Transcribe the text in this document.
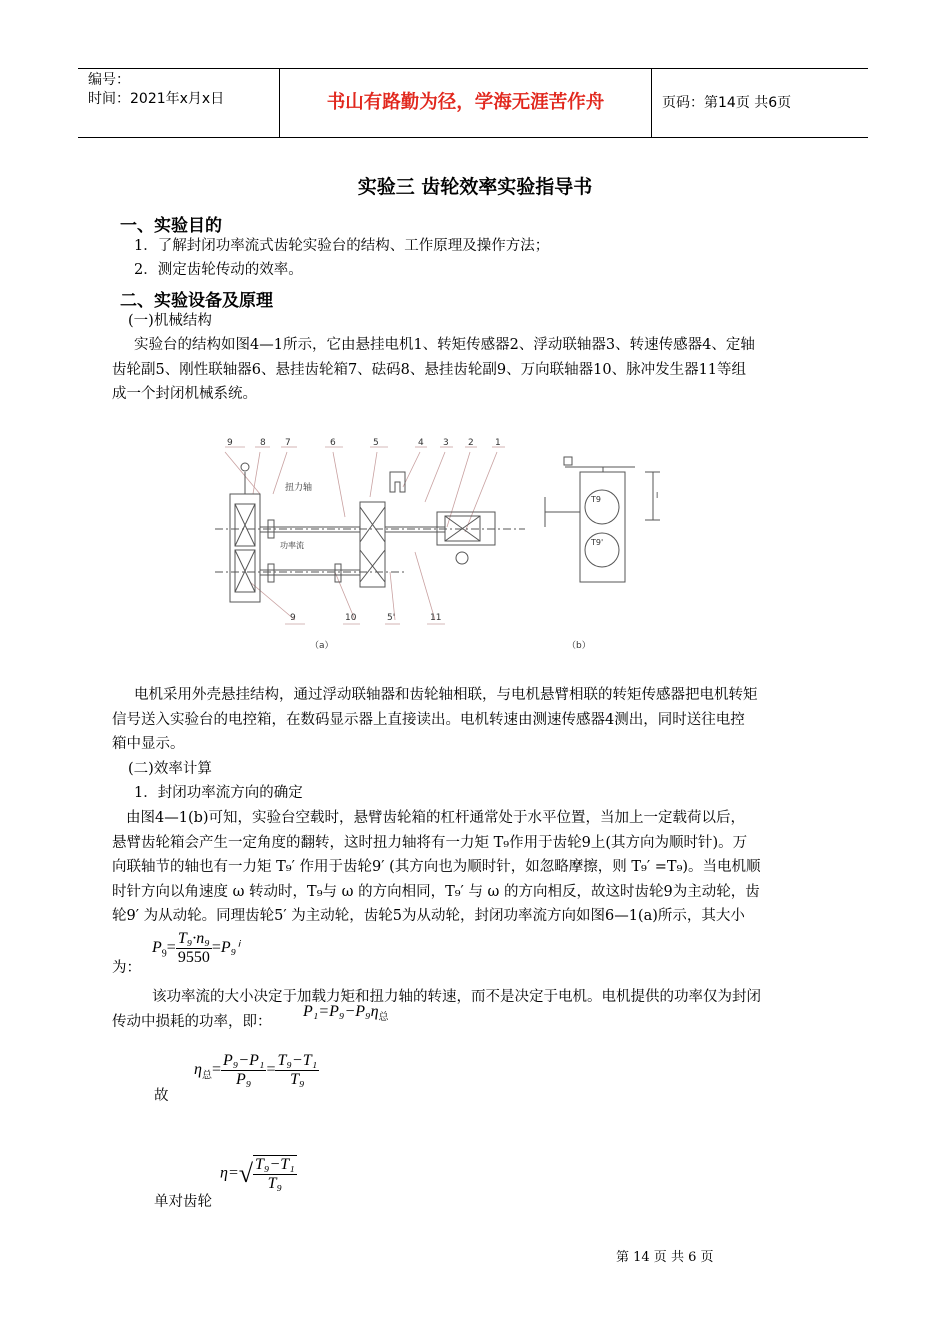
编号：
时间：2021年x月x日	书山有路勤为径，学海无涯苦作舟	页码：第14页 共6页
实验三 齿轮效率实验指导书
一、实验目的
1．了解封闭功率流式齿轮实验台的结构、工作原理及操作方法；
2．测定齿轮传动的效率。
二、实验设备及原理
(一)机械结构
实验台的结构如图4—1所示，它由悬挂电机1、转矩传感器2、浮动联轴器3、转速传感器4、定轴
齿轮副5、刚性联轴器6、悬挂齿轮箱7、砝码8、悬挂齿轮副9、万向联轴器10、脉冲发生器11等组
成一个封闭机械系统。
9	8 7	6	5	4 3 2 1
9	10	5'	11
扭力轴
功率流
（a）	（b）
T9
T9'
l
电机采用外壳悬挂结构，通过浮动联轴器和齿轮轴相联，与电机悬臂相联的转矩传感器把电机转矩
信号送入实验台的电控箱，在数码显示器上直接读出。电机转速由测速传感器4测出，同时送往电控
箱中显示。
(二)效率计算
1．封闭功率流方向的确定
由图4—1(b)可知，实验台空载时，悬臂齿轮箱的杠杆通常处于水平位置，当加上一定载荷以后，
悬臂齿轮箱会产生一定角度的翻转，这时扭力轴将有一力矩 T₉作用于齿轮9上(其方向为顺时针)。万
向联轴节的轴也有一力矩 T₉′ 作用于齿轮9′ (其方向也为顺时针，如忽略摩擦，则 T₉′ =T₉)。当电机顺
时针方向以角速度 ω 转动时，T₉与 ω 的方向相同，T₉′ 与 ω 的方向相反，故这时齿轮9为主动轮，齿
轮9′ 为从动轮。同理齿轮5′ 为主动轮，齿轮5为从动轮，封闭功率流方向如图6—1(a)所示，其大小
为：
$P_9= \frac{\text{T₉·n₉}}{9550} =P_9^i$
该功率流的大小决定于加载力矩和扭力轴的转速，而不是决定于电机。电机提供的功率仅为封闭
传动中损耗的功率，即：
$P_1=P_9-P_9\eta_总$
故
$\eta_总= \frac{\text{P₉−P₁}}{\text{P₉}} = \frac{\text{T₉−T₁}}{\text{T₉}}$
单对齿轮
$\eta=√ \frac{\text{T₉−T₁}}{\text{T₉}}$
第 14 页 共 6 页
